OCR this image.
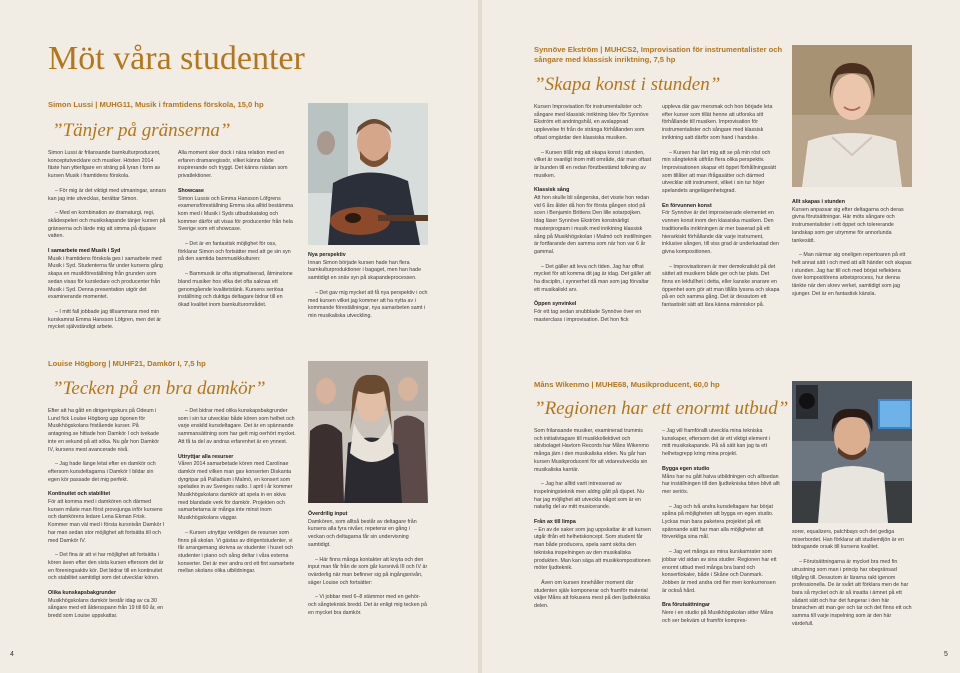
Möt våra studenter
Simon Lussi | MUHG11, Musik i framtidens förskola, 15,0 hp
”Tänjer på gränserna”

Simon Lussi är frilansande barnkulturproducent, konceptutvecklare och musiker. Hösten 2014 fäste han ytterligare en sträng på lyran i form av kursen Musik i framtidens förskola.

– För mig är det viktigt med utmaningar, annars kan jag inte utvecklas, berättar Simon.

– Med en kombination av dramaturgi, regi, skådespeleri och musikskapande tänjer kursen på gränserna och lärde mig att simma på djupare vatten.

I samarbete med Musik i Syd

Musik i framtidens förskola ges i samarbete med Musik i Syd. Studenterna får under kursens gång skapa en musikföreställning från grunden som sedan visas för kursledare och producenter från Musik i Syd. Denna presentation utgör det examinerande momentet.

– I mitt fall jobbade jag tillsammans med min kurskamrat Emma Hansson Löfgren, men det är mycket självständigt arbete.

Alla moment sker dock i nära relation med en erfaren dramaregissör, vilket känns både inspirerande och tryggt. Det känns nästan som privatlektioner.

Showcase

Simon Lussis och Emma Hansson Löfgrens examensföreställning Emma ska alltid bestämma kom med i Musik i Syds utbudskatalog och kommer därför att visas för producenter från hela Sverige som ett showcase.

– Det är en fantastisk möjlighet för oss, förklarar Simon och fortsätter med att ge sin syn på den samtida barnmusikkulturen:

– Barnmusik är ofta stigmatiserad, åtminstone bland musiker hos vilka det ofta saknas ett genomgående kvalitetstänk. Kursens seriösa inställning och duktiga deltagare bidrar till en ökad kvalitet inom barnkulturområdet.

Nya perspektiv

Innan Simon började kursen hade han flera barnkulturproduktioner i bagaget, men han hade samtidigt en snäv syn på skapandeprocessen.

– Det gav mig mycket att få nya perspektiv i och med kursen vilket jag kommer att ha nytta av i kommande föreställningar, nya samarbeten samt i min musikaliska utveckling.

Louise Högborg | MUHF21, Damkör I, 7,5 hp
”Tecken på en bra damkör”

Efter att ha gått en dirigeringskurs på Odeum i Lund fick Louise Högborg upp ögonen för Musikhögskolans fristående kurser. På antagning.se hittade hon Damkör I och tvekade inte en sekund på att söka. Nu går hon Damkör IV, kursens mest avancerade nivå.

– Jag hade länge letat efter en damkör och eftersom kursdeltagarna i Damkör I bildar sin egen kör passade det mig perfekt.

Kontinuitet och stabilitet

För att komma med i damkören och därmed kursen måste man först provsjunga inför kursens och damkörens ledare Lena Ekman Frisk. Kommer man väl med i första kursnivån Damkör I har man sedan stor möjlighet att fortsätta till och med Damkör IV.

– Det fina är att vi har möjlighet att fortsätta i kören även efter den sista kursen eftersom det är en föreningsaktiv kör. Det bidrar till en kontinuitet och stabilitet samtidigt som det utvecklar kören.

Olika kunskapsbakgrunder

Musikhögskolans damkör består idag av ca 30 sångare med ett åldersspann från 19 till 60 år, en bredd som Louise uppskattar.

– Det bidrar med olika kunskapsbakgrunder som i sin tur utvecklar både kören som helhet och varje enskild kursdeltagare. Det är en spännande sammansättning som har gett mig oerhört mycket. Att få ta del av andras erfarenhet är en ynnest.

Uttryttjar alla resurser

Våren 2014 samarbetade kören med Carolinae damkör med vilken man gav konserten Diskanta dyrgripar på Palladium i Malmö, en konsert som spelades in av Sveriges radio. I april i år kommer Musikhögskolans damkör att spela in en skiva med blandade verk för damkör. Projekten och samarbetarna är många inte minst inom Musikhögskolans väggar.

– Kursen utnyttjar verkligen de resurser som finns på skolan. Vi gästas av dirigentstudenter, vi får arrangemang skrivna av studenter i huset och studenter i piano och sång deltar i våra externa konserter. Det är mer andra ord ett fint samarbete mellan skolans olika utbildningar.

Överdrilig input

Damkören, som alltså består av deltagare från kursens alla fyra nivåer, repeterar en gång i veckan och deltagarna får sin undervisning samtidigt.

– Här finns många kontakter att knyta och den input man får från de som går kursnivå III och IV är ovärderlig när man befinner sig på ingångsnivån, säger Louise och fortsätter:

– Vi jobbar med 6–8 stämmor med en gehör- och sångteknisk bredd. Det är enligt mig tecken på en mycket bra damkör.

4
Synnöve Ekström | MUHCS2, Improvisation för instrumentalister och
sångare med klassisk inriktning, 7,5 hp
”Skapa konst i stunden”

Kursen Improvisation för instrumentalister och sångare med klassisk inriktning blev för Synnöve Ekström ett andningshål, en avslappnad upplevelse fri från de stränga förhållanden som oftast omgärdar den klassiska musiken.

– Kursen tillåt mig att skapa konst i stunden, vilket är ovanligt inom mitt område, där man oftast är bunden till en redan förutbestämd tolkning av musiken.

Klassisk sång

Att hon skulle bli sångerska, det visste hon redan vid 6 års ålder då hon för första gången stod på scen i Benjamin Brittens Den lille sotarpojken. Idag läser Synnöve Ekström konstnärligt masterprogram i musik med inriktning klassisk sång på Musikhögskolan i Malmö och instillningen är fortfarande den samma som när hon var 6 år gammal.

– Det gäller att leva och tiden. Jag har offrat mycket för att komma dit jag är idag. Det gäller att ha disciplin, i synnerhet då man som jag förvaltar ett musikaliskt arv.

Öppen synvinkel

För ett tag sedan snubblade Synnöve över en masterclass i improvisation. Det hon fick

uppleva där gav mersmak och hon började leta efter kurser som tillät henne att utforska sitt förhållande till musiken. Improvisation för instrumentalister och sångare med klassisk inriktning satt därför som hand i handske.

– Kursen har lärt mig att se på min röst och min sångteknik utifrån flera olika perspektiv. Improvisationen skapar ett öppet förhållningssätt som tillåter att man ifrågasätter och därmed utvecklar sitt instrument, vilket i sin tur höjer spelandets angelägenhetsgrad.

En förvunnen konst

För Synnöve är det improviserade elementet en vunnen konst inom den klassiska musiken. Den traditionella inriktningen är mer baserad på ett hierarkiskt förhållande där varje instrument, inklusive sången, till viss grad är underkastad den givna kompositionen.

– Improvisationen är mer demokratiskt på det sättet att musikern både ger och tar plats. Det finns en lekfullhet i detta, eller kanske snarare en öppenhet som gör att man tillåts lyssna och skapa på en och samma gång. Det är dessutom ett fantastiskt sätt att lära känna människor på.

Allt skapas i stunden

Kursen anpassar sig efter deltagarna och deras givna förutsättningar. Här möts sångare och instrumentalister i ett öppet och tolererande landskap som ger utrymme för annorlunda tankesätt.

– Man närmar sig oneligen repertoaren på ett helt annat sätt i och med att allt händer och skapas i stunden. Jag har till och med börjat reflektera över kompositörens arbetsprocess, hur denna tänkte när den skrev verket, samtidigt som jag sjunger. Det är en fantastisk känsla.

Måns Wikenmo | MUHE68, Musikproducent, 60,0 hp
”Regionen har ett enormt utbud”

Som frilansande musiker, examinerad trummis och initiativtagare till musikkollektivet och skivbolaget Havtorn Records har Måns Wikenmo många järn i den musikaliska elden. Nu går han kursen Musikproducent för att vidareutveckla sin musikaliska karriär.

– Jag har alltid varit intresserad av inspelningsteknik men aldrig gått på djupet. Nu har jag möjlighet att utveckla något som är en naturlig del av mitt musicerande.

Från ax till limpa

– En av de saker som jag uppskattar är att kursen utgår ifrån ett helhetskoncept. Som student får man både producera, spela samt sköta den tekniska inspelningen av den musikaliska produkten. Man kan säga att musikkompositionen möter ljudteknik.

Även om kursen innehåller moment där studenten själv komponerar och framför material väljer Måns att fokusera mest på den ljudtekniska delen.

– Jag vill framförallt utveckla mina tekniska kunskaper, eftersom det är ett viktigt element i mitt musikskapande. På så sätt kan jag ta ett helhetsgrepp kring mina projekt.

Bygga egen studio

Måns har nu gått halva utbildningen och alltsedan har inställningen till den ljudtekniska biten blivit allt mer seriös.

– Jag och två andra kursdeltagare har börjat spåna på möjligheten att bygga en egen studio. Lyckas man bara paketera projektet på ett spännande sätt har man alla möjligheter att förverkliga sina mål.

– Jag vet många av mina kurskamrater som jobbar vid sidan av sina studier. Regionen har ett enormt utbud med många bra band och konsertlokaler, både i Skåne och Danmark. Jobben är med andra ord fler men konkurrensen är också hård.

Bra förutsättningar

Nere i en studio på Musikhögskolan sitter Måns och ser bekväm ut framför kompres-

sorer, equalizers, patchbays och det gediga mixerbordet. Han förklarar att studiemiljön är en bidragande orsak till kursens kvalitet.

– Förutsättningarna är mycket bra med fin utrustning som man i princip har obegränsad tillgång till. Dessutom är lärarna rakt igenom professionella. De är svårt att förklara men de har bara så mycket och är så insatta i ämnet på ett sådant sätt och hur det fungerar i den här branschen att man ger och tar och det finns ett och samma till varje inspelning som är den här värdefull.

5
